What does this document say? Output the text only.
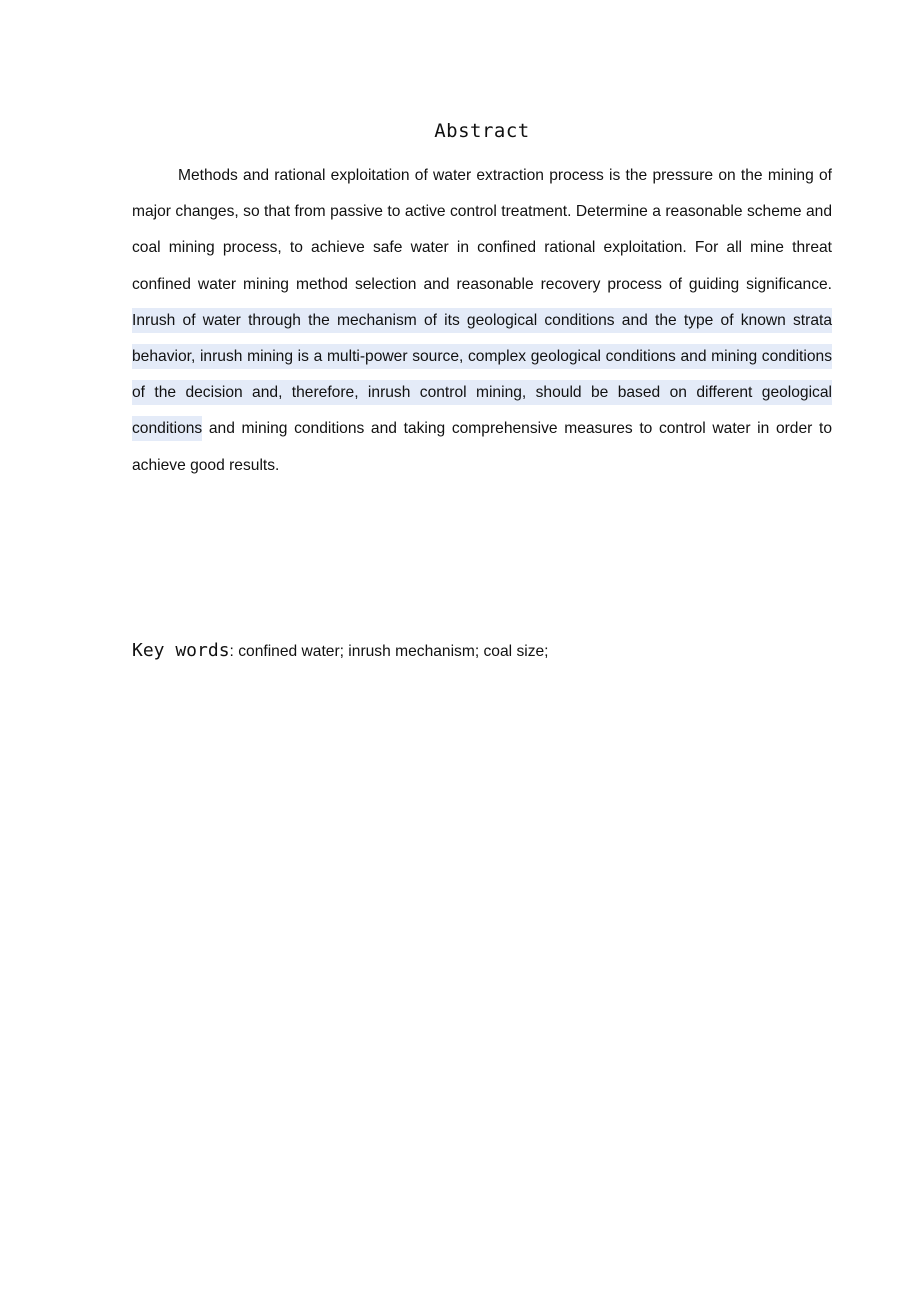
Abstract

Methods and rational exploitation of water extraction process is the pressure on the mining of major changes, so that from passive to active control treatment. Determine a reasonable scheme and coal mining process, to achieve safe water in confined rational exploitation. For all mine threat confined water mining method selection and reasonable recovery process of guiding significance. Inrush of water through the mechanism of its geological conditions and the type of known strata behavior, inrush mining is a multi-power source, complex geological conditions and mining conditions of the decision and, therefore, inrush control mining, should be based on different geological conditions and mining conditions and taking comprehensive measures to control water in order to achieve good results.

Key words: confined water; inrush mechanism; coal size;
